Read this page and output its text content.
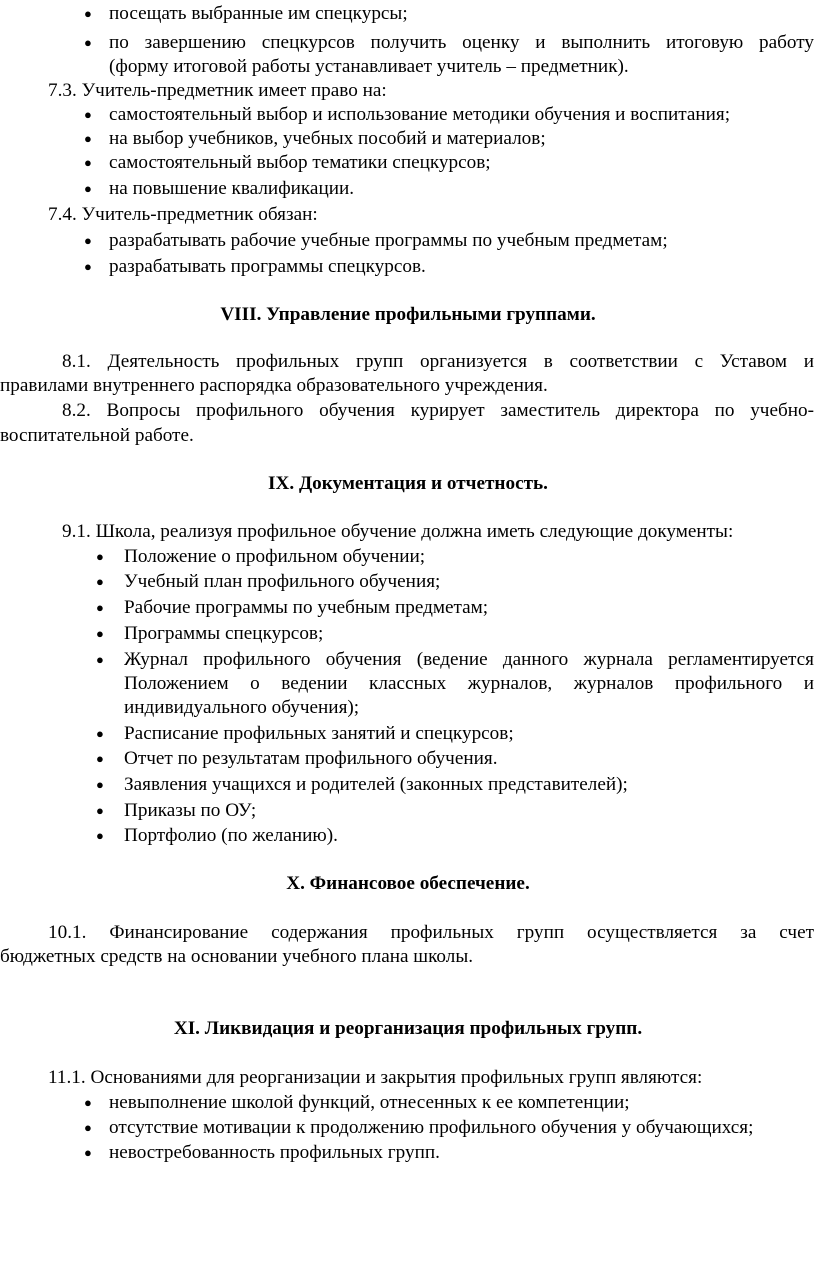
● посещать выбранные им спецкурсы;

● по завершению спецкурсов получить оценку и выполнить итоговую работу

(форму итоговой работы устанавливает учитель – предметник).

7.3. Учитель-предметник имеет право на:

● самостоятельный выбор и использование методики обучения и воспитания;

● на выбор учебников, учебных пособий и материалов;

● самостоятельный выбор тематики спецкурсов;

● на повышение квалификации.

7.4. Учитель-предметник обязан:

● разрабатывать рабочие учебные программы по учебным предметам;

● разрабатывать программы спецкурсов.

VIII. Управление профильными группами.

8.1. Деятельность профильных групп организуется в соответствии с Уставом и

правилами внутреннего распорядка образовательного учреждения.

8.2. Вопросы профильного обучения курирует заместитель директора по учебно-

воспитательной работе.

IX. Документация и отчетность.

9.1. Школа, реализуя профильное обучение должна иметь следующие документы:

● Положение о профильном обучении;

● Учебный план профильного обучения;

● Рабочие программы по учебным предметам;

● Программы спецкурсов;

● Журнал профильного обучения (ведение данного журнала регламентируется

Положением о ведении классных журналов, журналов профильного и

индивидуального обучения);

● Расписание профильных занятий и спецкурсов;

● Отчет по результатам профильного обучения.

● Заявления учащихся и родителей (законных представителей);

● Приказы по ОУ;

● Портфолио (по желанию).

X. Финансовое обеспечение.

10.1. Финансирование содержания профильных групп осуществляется за счет

бюджетных средств на основании учебного плана школы.

XI. Ликвидация и реорганизация профильных групп.

11.1. Основаниями для реорганизации и закрытия профильных групп являются:

● невыполнение школой функций, отнесенных к ее компетенции;

● отсутствие мотивации к продолжению профильного обучения у обучающихся;

● невостребованность профильных групп.
